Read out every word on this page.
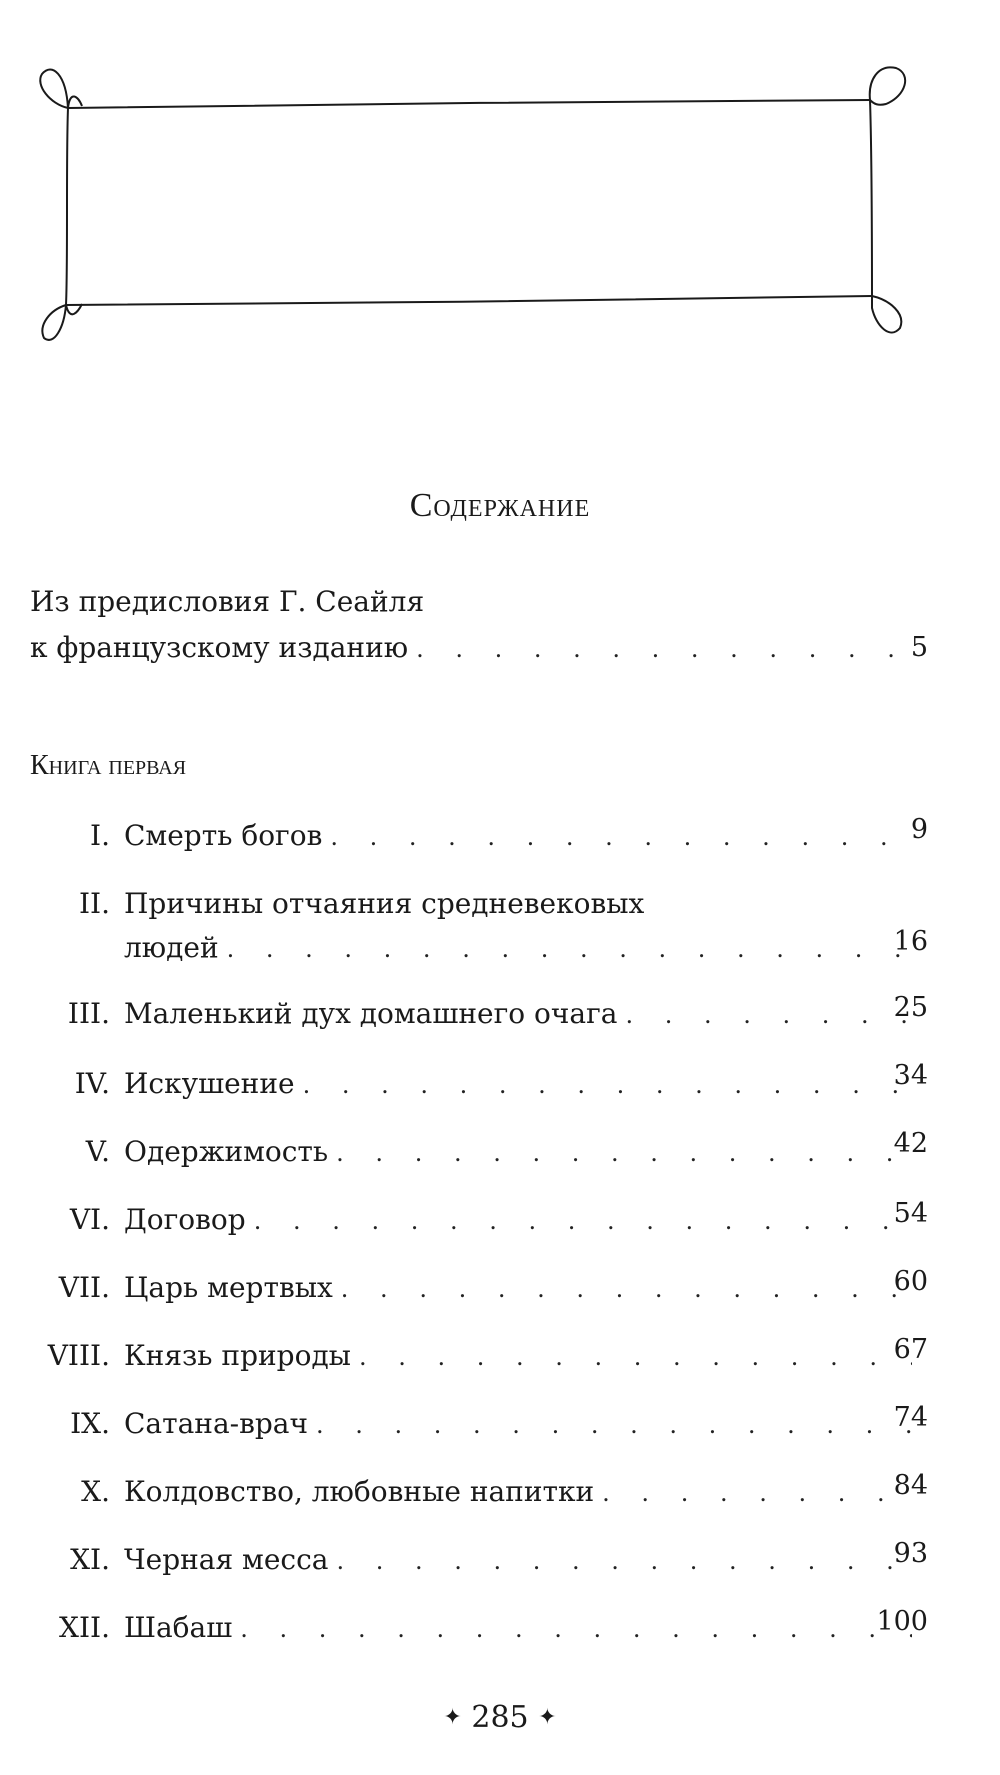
Содержание
Из предисловия Г. Сеайля
к французскому изданию . . .	5
Книга первая
I. Смерть богов . . .	9
II. Причины отчаяния средневековых
людей . . .	16
III. Маленький дух домашнего очага . . .	25
IV. Искушение . . .	34
V. Одержимость . . .	42
VI. Договор . . .	54
VII. Царь мертвых . . .	60
VIII. Князь природы . . .	67
IX. Сатана-врач . . .	74
X. Колдовство, любовные напитки . . .	84
XI. Черная месса . . .	93
XII. Шабаш . . .	100
✦ 285 ✦
